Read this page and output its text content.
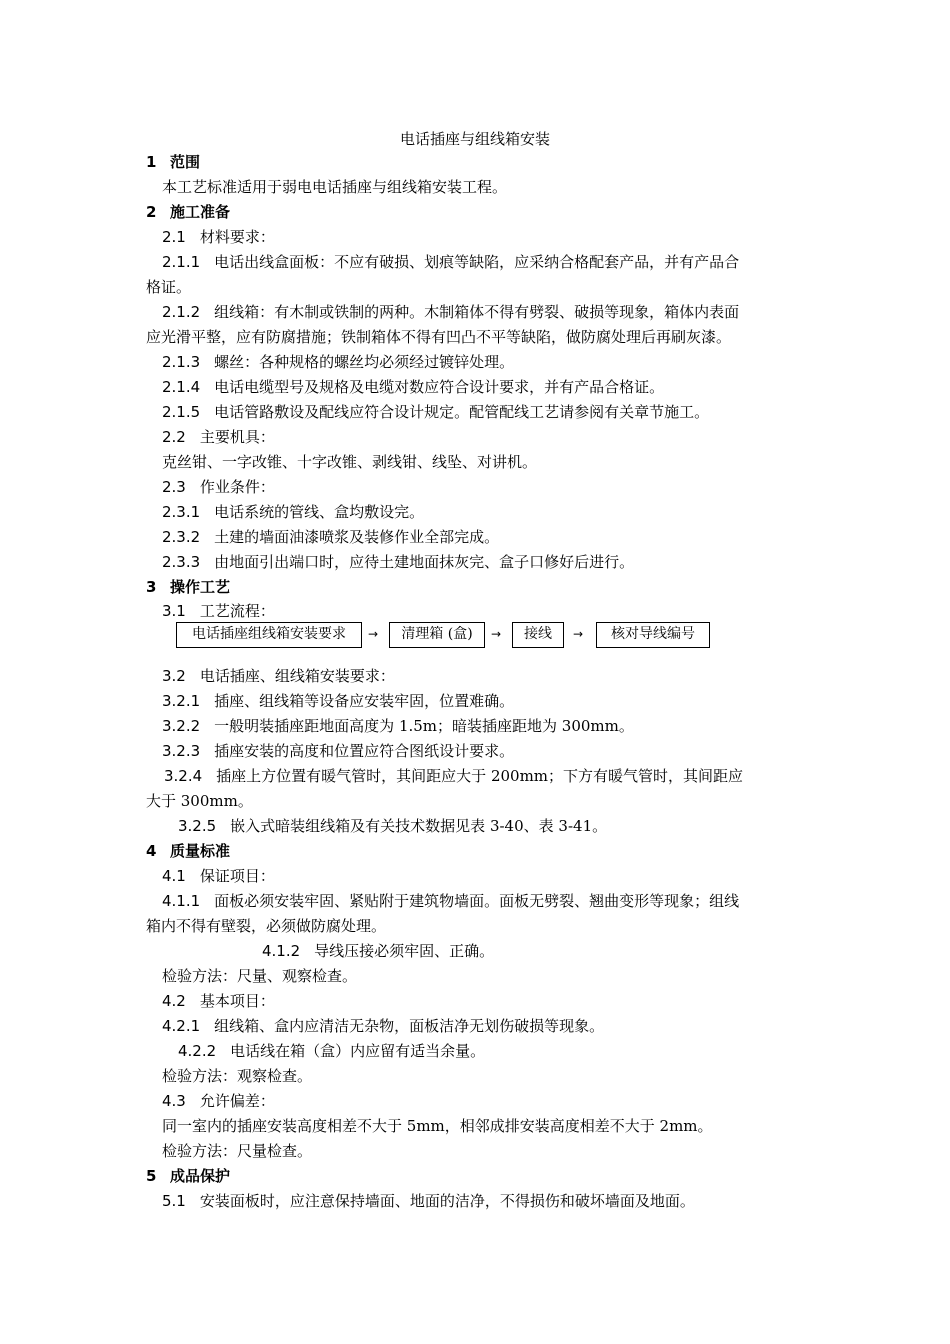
电话插座与组线箱安装
1 范围
本工艺标准适用于弱电电话插座与组线箱安装工程。
2 施工准备
2.1 材料要求：
2.1.1 电话出线盒面板：不应有破损、划痕等缺陷，应采纳合格配套产品，并有产品合
格证。
2.1.2 组线箱：有木制或铁制的两种。木制箱体不得有劈裂、破损等现象，箱体内表面
应光滑平整，应有防腐措施；铁制箱体不得有凹凸不平等缺陷，做防腐处理后再刷灰漆。
2.1.3 螺丝：各种规格的螺丝均必须经过镀锌处理。
2.1.4 电话电缆型号及规格及电缆对数应符合设计要求，并有产品合格证。
2.1.5 电话管路敷设及配线应符合设计规定。配管配线工艺请参阅有关章节施工。
2.2 主要机具：
克丝钳、一字改锥、十字改锥、剥线钳、线坠、对讲机。
2.3 作业条件：
2.3.1 电话系统的管线、盒均敷设完。
2.3.2 土建的墙面油漆喷浆及装修作业全部完成。
2.3.3 由地面引出端口时，应待土建地面抹灰完、盒子口修好后进行。
3 操作工艺
3.1 工艺流程：
电话插座组线箱安装要求	→	清理箱 (盒)	→	接线	→	核对导线编号
3.2 电话插座、组线箱安装要求：
3.2.1 插座、组线箱等设备应安装牢固，位置难确。
3.2.2 一般明装插座距地面高度为 1.5m；暗装插座距地为 300mm。
3.2.3 插座安装的高度和位置应符合图纸设计要求。
3.2.4 插座上方位置有暖气管时，其间距应大于 200mm；下方有暖气管时，其间距应
大于 300mm。
3.2.5 嵌入式暗装组线箱及有关技术数据见表 3-40、表 3-41。
4 质量标准
4.1 保证项目：
4.1.1 面板必须安装牢固、紧贴附于建筑物墙面。面板无劈裂、翘曲变形等现象；组线
箱内不得有壁裂，必须做防腐处理。
4.1.2 导线压接必须牢固、正确。
检验方法：尺量、观察检查。
4.2 基本项目：
4.2.1 组线箱、盒内应清洁无杂物，面板洁净无划伤破损等现象。
4.2.2 电话线在箱（盒）内应留有适当余量。
检验方法：观察检查。
4.3 允许偏差：
同一室内的插座安装高度相差不大于 5mm，相邻成排安装高度相差不大于 2mm。
检验方法：尺量检查。
5 成品保护
5.1 安装面板时，应注意保持墙面、地面的洁净，不得损伤和破坏墙面及地面。
